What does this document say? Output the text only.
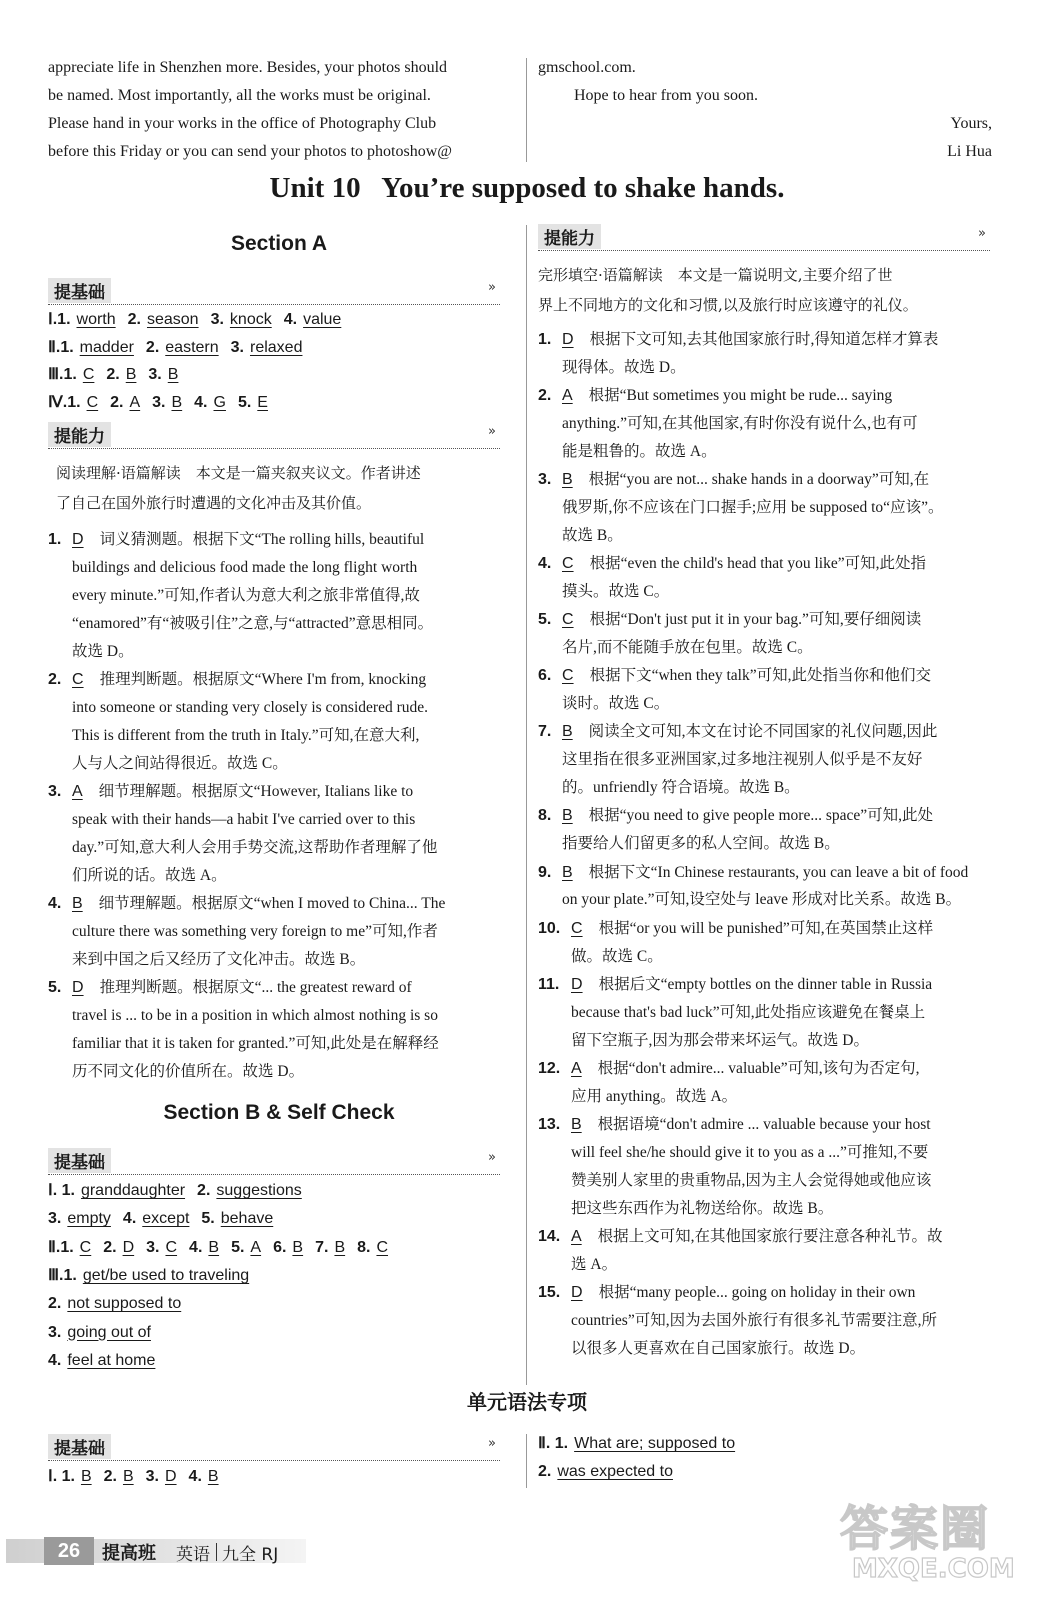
appreciate life in Shenzhen more. Besides, your photos should
be named. Most importantly, all the works must be original.
Please hand in your works in the office of Photography Club
before this Friday or you can send your photos to photoshow@
gmschool.com.
Hope to hear from you soon.
Yours,
Li Hua
Unit 10   You’re supposed to shake hands.
Section A
提基础	»
Ⅰ.1. worth 2. season 3. knock 4. value
Ⅱ.1. madder 2. eastern 3. relaxed
Ⅲ.1. C 2. B 3. B
Ⅳ.1. C 2. A 3. B 4. G 5. E
提能力	»
阅读理解·语篇解读　本文是一篇夹叙夹议文。作者讲述
了自己在国外旅行时遭遇的文化冲击及其价值。
1. D 词义猜测题。根据下文“The rolling hills, beautiful
buildings and delicious food made the long flight worth
every minute.”可知,作者认为意大利之旅非常值得,故
“enamored”有“被吸引住”之意,与“attracted”意思相同。
故选 D。
2. C 推理判断题。根据原文“Where I'm from, knocking
into someone or standing very closely is considered rude.
This is different from the truth in Italy.”可知,在意大利,
人与人之间站得很近。故选 C。
3. A 细节理解题。根据原文“However, Italians like to
speak with their hands—a habit I've carried over to this
day.”可知,意大利人会用手势交流,这帮助作者理解了他
们所说的话。故选 A。
4. B 细节理解题。根据原文“when I moved to China... The
culture there was something very foreign to me”可知,作者
来到中国之后又经历了文化冲击。故选 B。
5. D 推理判断题。根据原文“... the greatest reward of
travel is ... to be in a position in which almost nothing is so
familiar that it is taken for granted.”可知,此处是在解释经
历不同文化的价值所在。故选 D。
Section B & Self Check
提基础	»
Ⅰ. 1. granddaughter 2. suggestions
3. empty 4. except 5. behave
Ⅱ.1. C 2. D 3. C 4. B 5. A 6. B 7. B 8. C
Ⅲ.1. get/be used to traveling
2. not supposed to
3. going out of
4. feel at home
提能力	»
完形填空·语篇解读　本文是一篇说明文,主要介绍了世
界上不同地方的文化和习惯,以及旅行时应该遵守的礼仪。
1. D 根据下文可知,去其他国家旅行时,得知道怎样才算表
现得体。故选 D。
2. A 根据“But sometimes you might be rude... saying
anything.”可知,在其他国家,有时你没有说什么,也有可
能是粗鲁的。故选 A。
3. B 根据“you are not... shake hands in a doorway”可知,在
俄罗斯,你不应该在门口握手;应用 be supposed to“应该”。
故选 B。
4. C 根据“even the child's head that you like”可知,此处指
摸头。故选 C。
5. C 根据“Don't just put it in your bag.”可知,要仔细阅读
名片,而不能随手放在包里。故选 C。
6. C 根据下文“when they talk”可知,此处指当你和他们交
谈时。故选 C。
7. B 阅读全文可知,本文在讨论不同国家的礼仪问题,因此
这里指在很多亚洲国家,过多地注视别人似乎是不友好
的。unfriendly 符合语境。故选 B。
8. B 根据“you need to give people more... space”可知,此处
指要给人们留更多的私人空间。故选 B。
9. B 根据下文“In Chinese restaurants, you can leave a bit of food
on your plate.”可知,设空处与 leave 形成对比关系。故选 B。
10. C 根据“or you will be punished”可知,在英国禁止这样
做。故选 C。
11. D 根据后文“empty bottles on the dinner table in Russia
because that's bad luck”可知,此处指应该避免在餐桌上
留下空瓶子,因为那会带来坏运气。故选 D。
12. A 根据“don't admire... valuable”可知,该句为否定句,
应用 anything。故选 A。
13. B 根据语境“don't admire ... valuable because your host
will feel she/he should give it to you as a ...”可推知,不要
赞美别人家里的贵重物品,因为主人会觉得她或他应该
把这些东西作为礼物送给你。故选 B。
14. A 根据上文可知,在其他国家旅行要注意各种礼节。故
选 A。
15. D 根据“many people... going on holiday in their own
countries”可知,因为去国外旅行有很多礼节需要注意,所
以很多人更喜欢在自己国家旅行。故选 D。
单元语法专项
提基础	»
Ⅰ. 1. B 2. B 3. D 4. B
Ⅱ. 1. What are; supposed to
2. was expected to
26	提高班 英语 九全 RJ	答案圈
MXQE.COM
